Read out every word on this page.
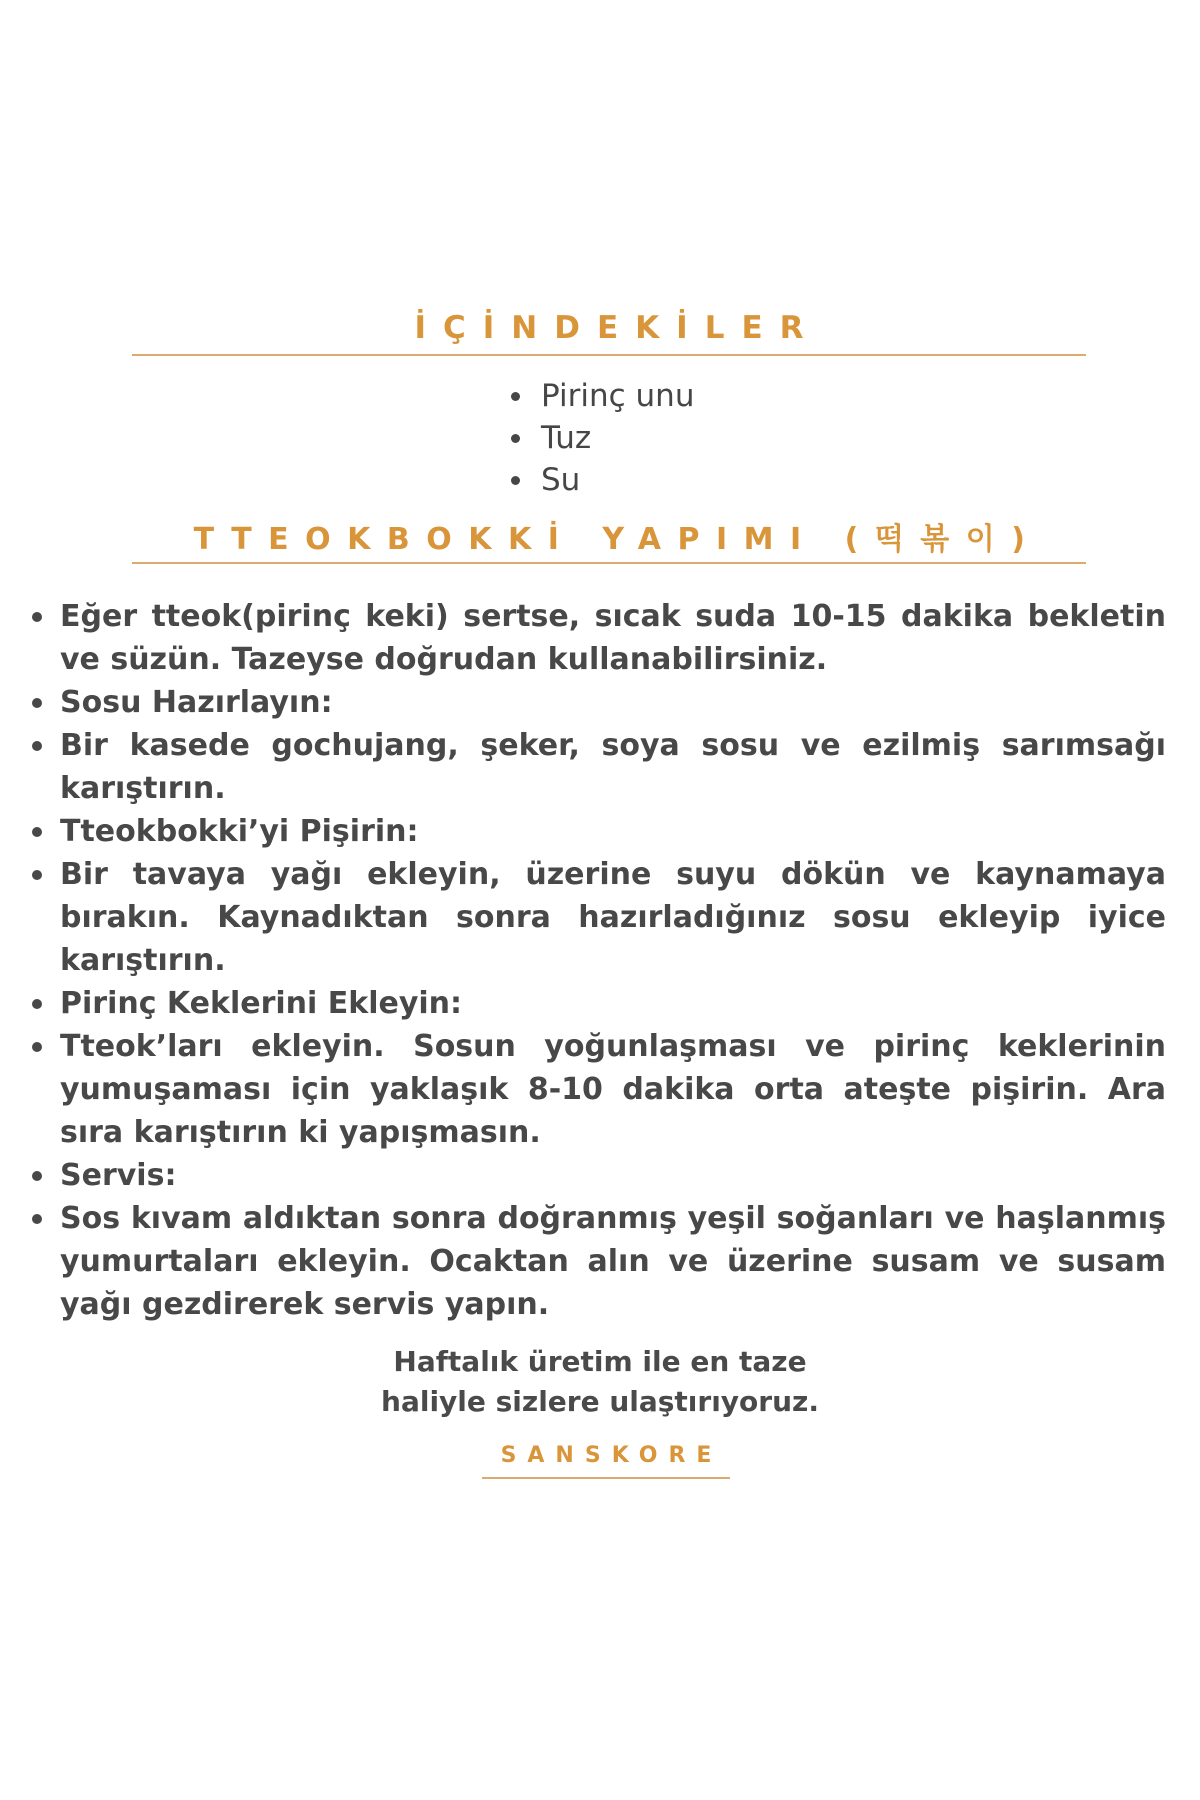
İÇİNDEKİLER
Pirinç unu
Tuz
Su
TTEOKBOKKİ YAPIMI (떡볶이)
Eğer tteok(pirinç keki) sertse, sıcak suda 10-15 dakika bekletin ve süzün. Tazeyse doğrudan kullanabilirsiniz.
Sosu Hazırlayın:
Bir kasede gochujang, şeker, soya sosu ve ezilmiş sarımsağı karıştırın.
Tteokbokki’yi Pişirin:
Bir tavaya yağı ekleyin, üzerine suyu dökün ve kaynamaya bırakın. Kaynadıktan sonra hazırladığınız sosu ekleyip iyice karıştırın.
Pirinç Keklerini Ekleyin:
Tteok’ları ekleyin. Sosun yoğunlaşması ve pirinç keklerinin yumuşaması için yaklaşık 8-10 dakika orta ateşte pişirin. Ara sıra karıştırın ki yapışmasın.
Servis:
Sos kıvam aldıktan sonra doğranmış yeşil soğanları ve haşlanmış yumurtaları ekleyin. Ocaktan alın ve üzerine susam ve susam yağı gezdirerek servis yapın.
Haftalık üretim ile en taze
haliyle sizlere ulaştırıyoruz.
SANSKORE
